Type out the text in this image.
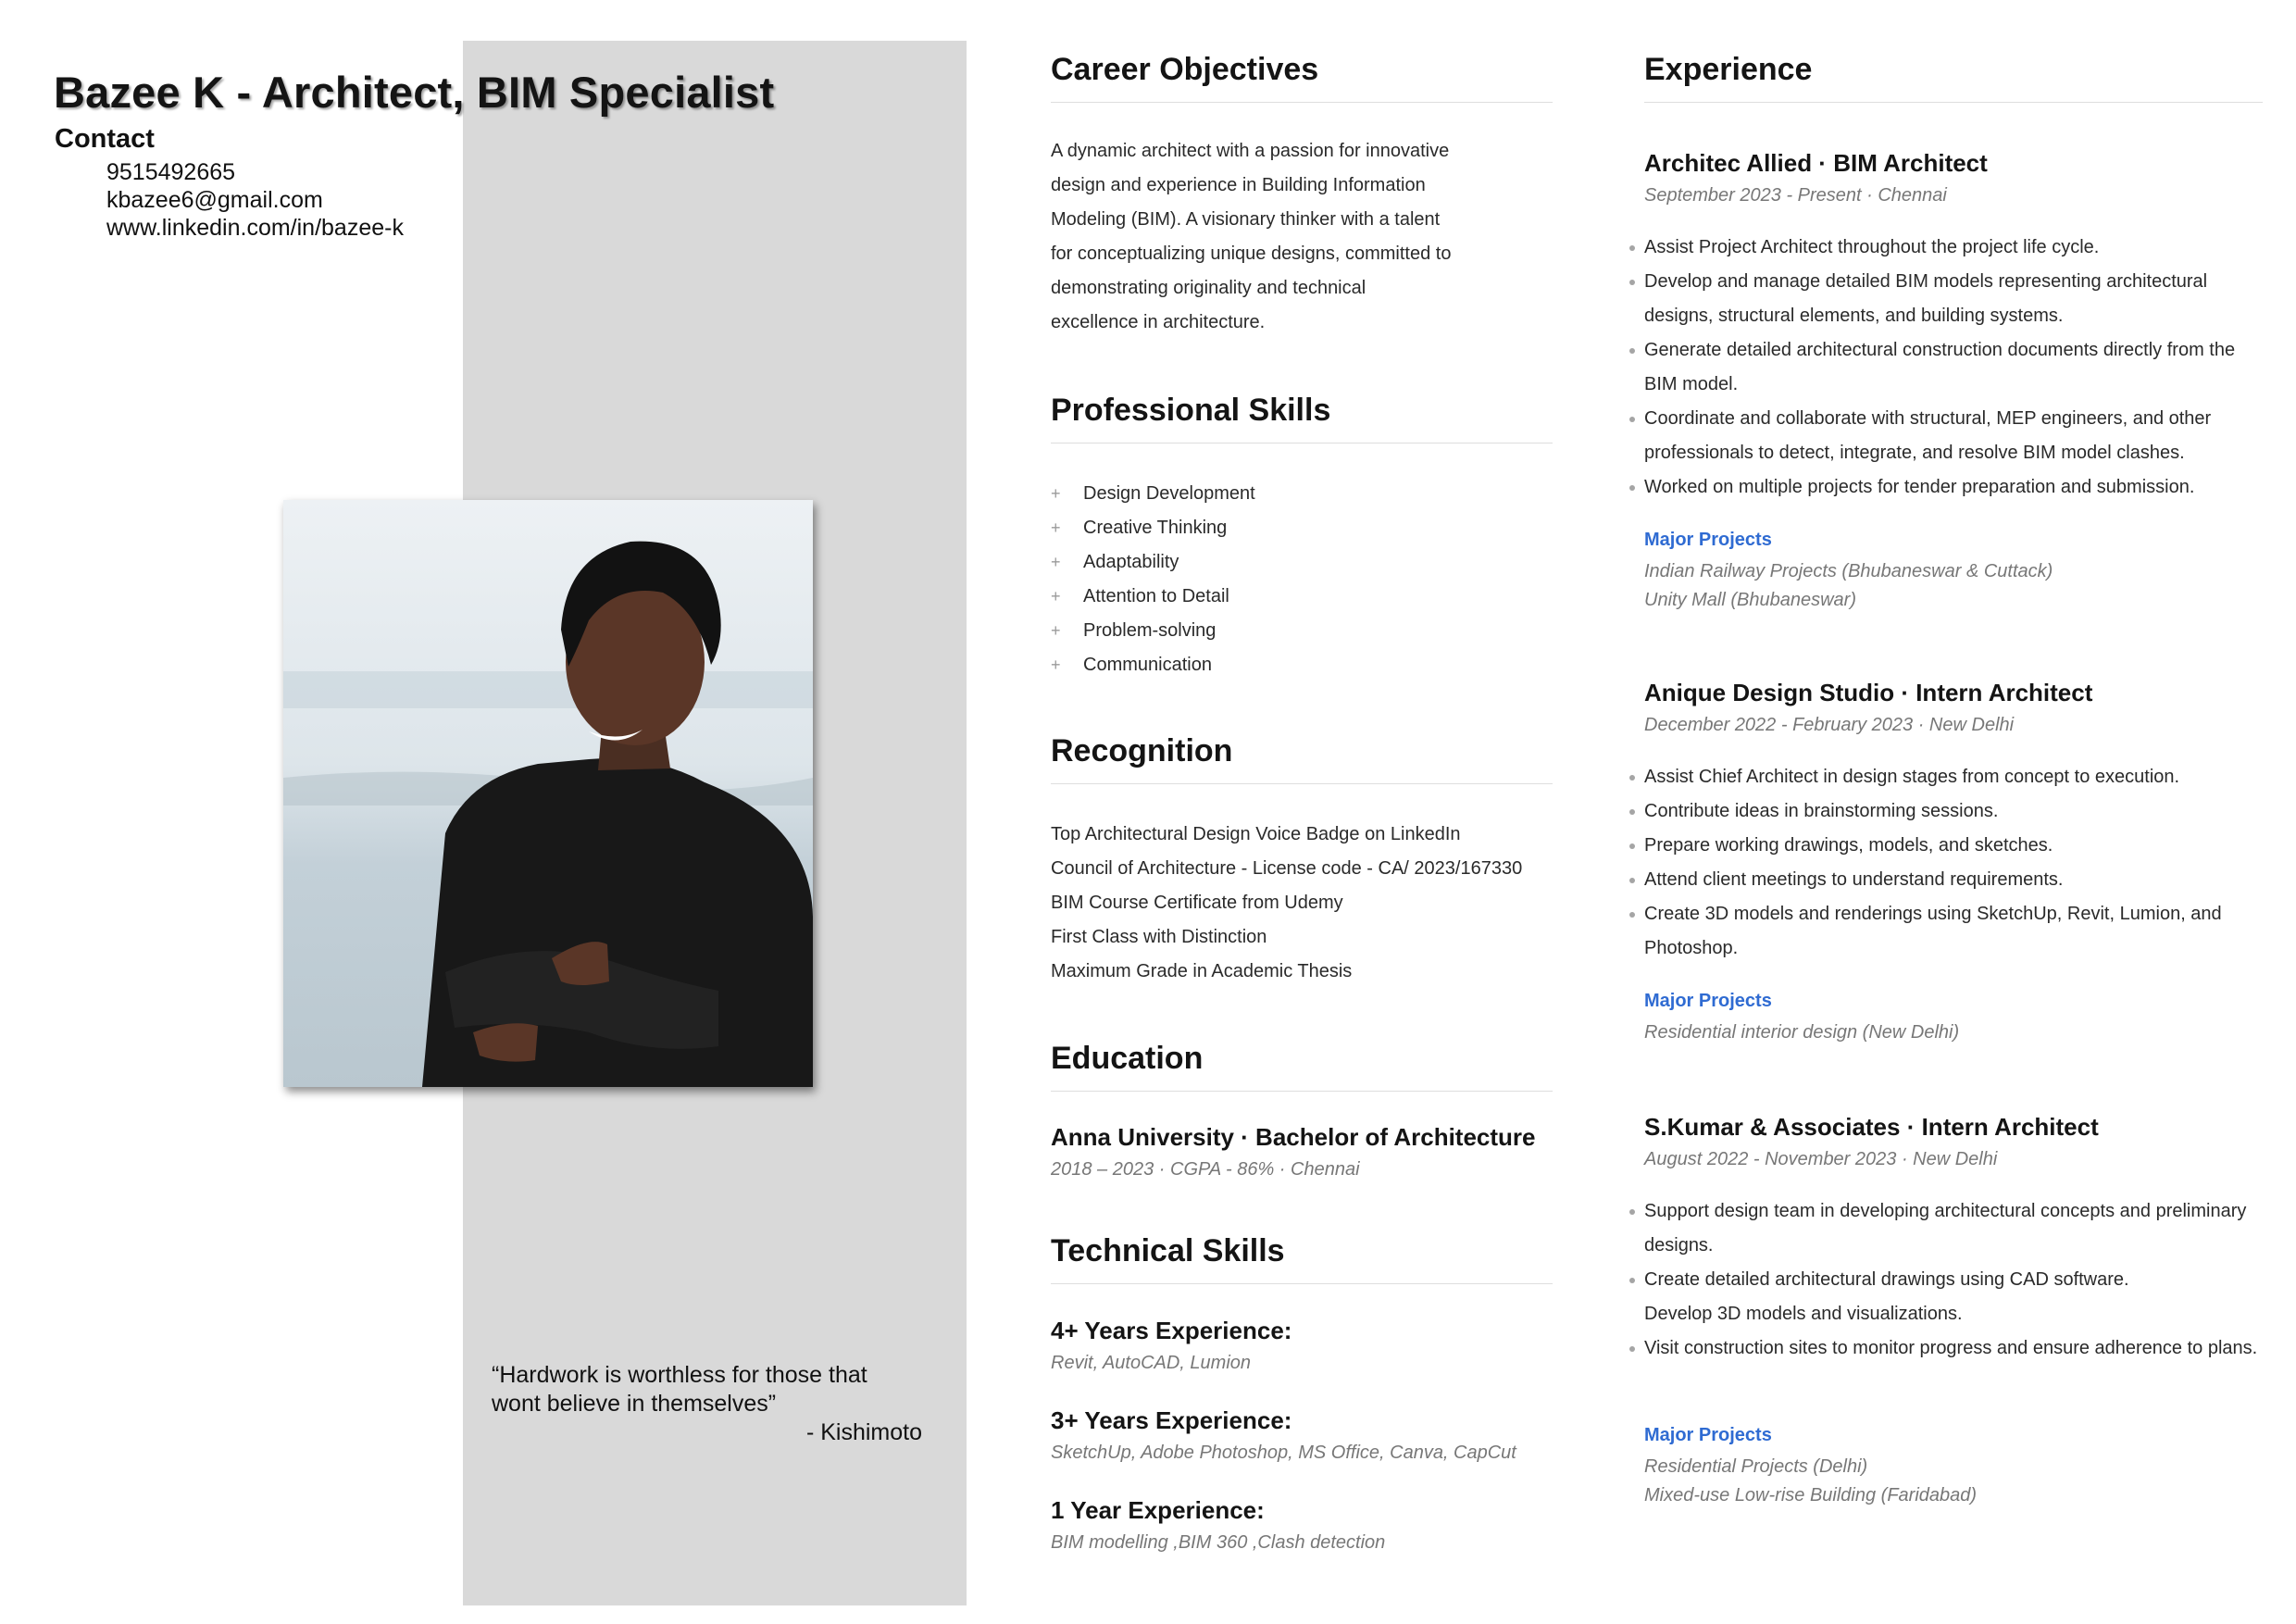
Bazee K - Architect, BIM Specialist
Contact
9515492665
kbazee6@gmail.com
www.linkedin.com/in/bazee-k
“Hardwork is worthless for those that wont believe in themselves”
- Kishimoto
Career Objectives
A dynamic architect with a passion for innovative
design and experience in Building Information
Modeling (BIM). A visionary thinker with a talent
for conceptualizing unique designs, committed to
demonstrating originality and technical
excellence in architecture.
Professional Skills
+ Design Development
+ Creative Thinking
+ Adaptability
+ Attention to Detail
+ Problem-solving
+ Communication
Recognition
Top Architectural Design Voice Badge on LinkedIn
Council of Architecture - License code - CA/ 2023/167330
BIM Course Certificate from Udemy
First Class with Distinction
Maximum Grade in Academic Thesis
Education
Anna University · Bachelor of Architecture
2018 – 2023 · CGPA - 86% · Chennai
Technical Skills
4+ Years Experience:
Revit, AutoCAD, Lumion
3+ Years Experience:
SketchUp, Adobe Photoshop, MS Office, Canva, CapCut
1 Year Experience:
BIM modelling ,BIM 360 ,Clash detection
Experience
Architec Allied · BIM Architect
September 2023 - Present · Chennai
Assist Project Architect throughout the project life cycle.
Develop and manage detailed BIM models representing architectural designs, structural elements, and building systems.
Generate detailed architectural construction documents directly from the BIM model.
Coordinate and collaborate with structural, MEP engineers, and other professionals to detect, integrate, and resolve BIM model clashes.
Worked on multiple projects for tender preparation and submission.
Major Projects
Indian Railway Projects (Bhubaneswar & Cuttack)
Unity Mall (Bhubaneswar)
Anique Design Studio · Intern Architect
December 2022 - February 2023 · New Delhi
Assist Chief Architect in design stages from concept to execution.
Contribute ideas in brainstorming sessions.
Prepare working drawings, models, and sketches.
Attend client meetings to understand requirements.
Create 3D models and renderings using SketchUp, Revit, Lumion, and Photoshop.
Major Projects
Residential interior design (New Delhi)
S.Kumar & Associates · Intern Architect
August 2022 - November 2023 · New Delhi
Support design team in developing architectural concepts and preliminary designs.
Create detailed architectural drawings using CAD software.
Develop 3D models and visualizations.
Visit construction sites to monitor progress and ensure adherence to plans.
Major Projects
Residential Projects (Delhi)
Mixed-use Low-rise Building (Faridabad)
